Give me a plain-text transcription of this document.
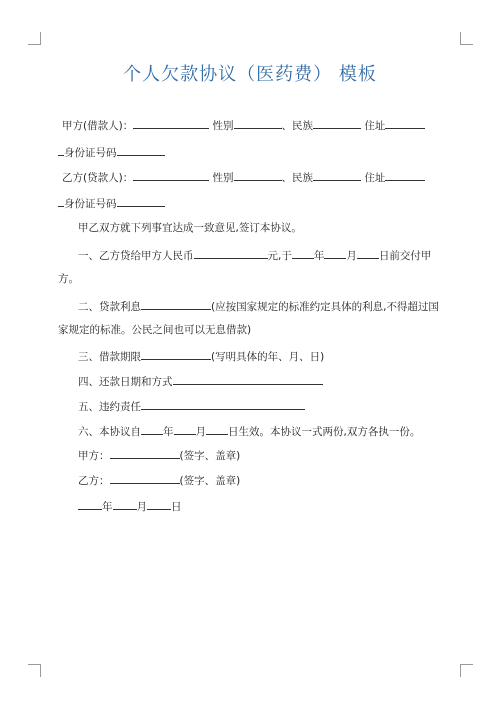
个人欠款协议（医药费） 模板
甲方(借款人)：	性别	、民族	住址
身份证号码
乙方(贷款人)：	性别	、民族	住址
身份证号码
甲乙双方就下列事宜达成一致意见,签订本协议。
一、乙方贷给甲方人民币	元,于 年 月 日前交付甲
方。
二、贷款利息	(应按国家规定的标准约定具体的利息,不得超过国
家规定的标准。公民之间也可以无息借款)
三、借款期限	(写明具体的年、月、日)
四、还款日期和方式
五、违约责任
六、本协议自 年 月 日生效。本协议一式两份,双方各执一份。
甲方：	(签字、盖章)
乙方：	(签字、盖章)
年 月 日
